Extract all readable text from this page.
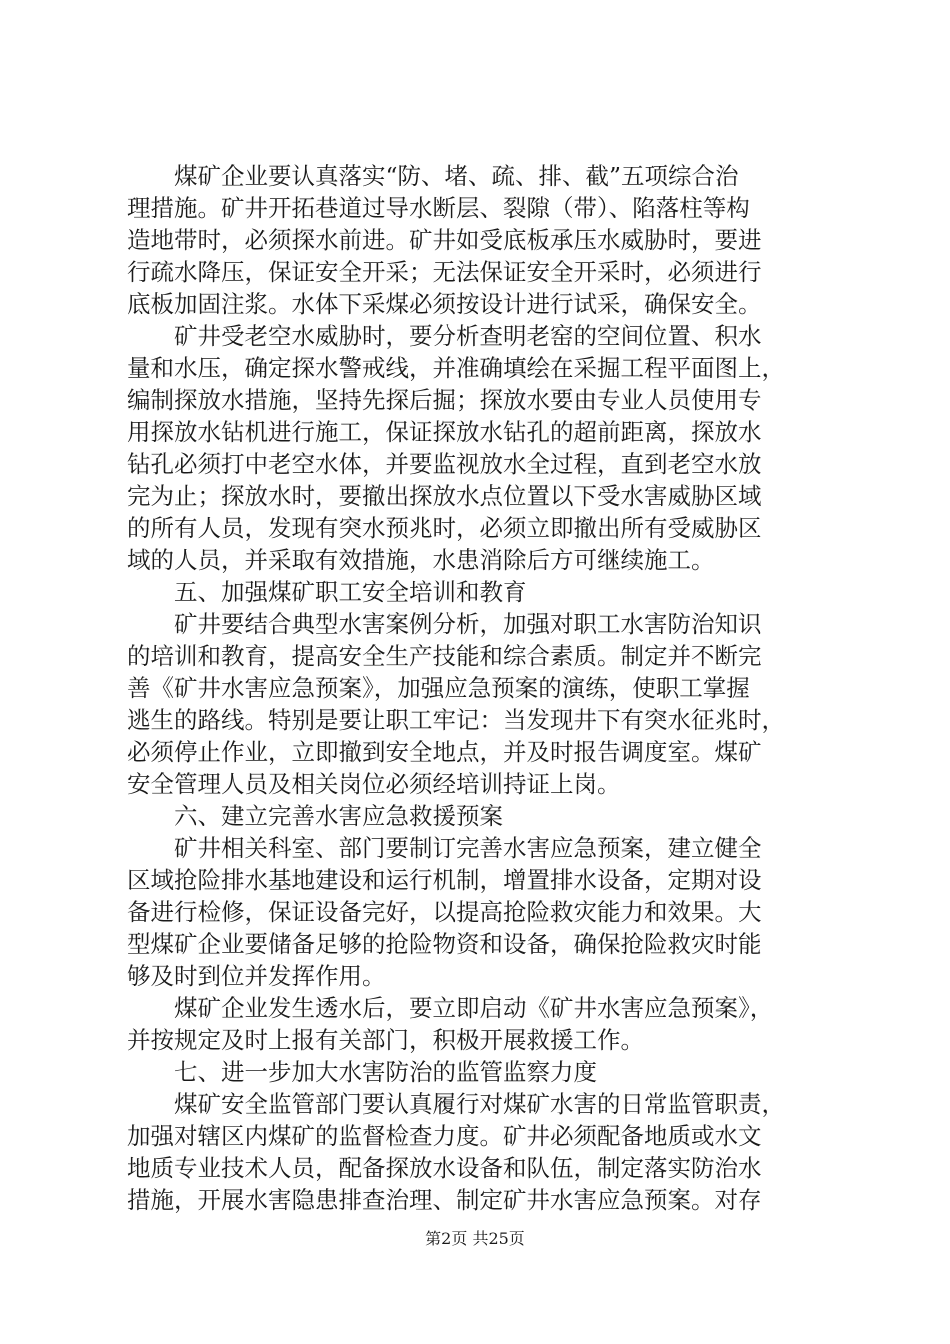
煤矿企业要认真落实“防、堵、疏、排、截”五项综合治
理措施。矿井开拓巷道过导水断层、裂隙（带）、陷落柱等构
造地带时，必须探水前进。矿井如受底板承压水威胁时，要进
行疏水降压，保证安全开采；无法保证安全开采时，必须进行
底板加固注浆。水体下采煤必须按设计进行试采，确保安全。
矿井受老空水威胁时，要分析查明老窑的空间位置、积水
量和水压，确定探水警戒线，并准确填绘在采掘工程平面图上，
编制探放水措施，坚持先探后掘；探放水要由专业人员使用专
用探放水钻机进行施工，保证探放水钻孔的超前距离，探放水
钻孔必须打中老空水体，并要监视放水全过程，直到老空水放
完为止；探放水时，要撤出探放水点位置以下受水害威胁区域
的所有人员，发现有突水预兆时，必须立即撤出所有受威胁区
域的人员，并采取有效措施，水患消除后方可继续施工。
五、加强煤矿职工安全培训和教育
矿井要结合典型水害案例分析，加强对职工水害防治知识
的培训和教育，提高安全生产技能和综合素质。制定并不断完
善《矿井水害应急预案》，加强应急预案的演练，使职工掌握
逃生的路线。特别是要让职工牢记：当发现井下有突水征兆时，
必须停止作业，立即撤到安全地点，并及时报告调度室。煤矿
安全管理人员及相关岗位必须经培训持证上岗。
六、建立完善水害应急救援预案
矿井相关科室、部门要制订完善水害应急预案，建立健全
区域抢险排水基地建设和运行机制，增置排水设备，定期对设
备进行检修，保证设备完好，以提高抢险救灾能力和效果。大
型煤矿企业要储备足够的抢险物资和设备，确保抢险救灾时能
够及时到位并发挥作用。
煤矿企业发生透水后，要立即启动《矿井水害应急预案》，
并按规定及时上报有关部门，积极开展救援工作。
七、进一步加大水害防治的监管监察力度
煤矿安全监管部门要认真履行对煤矿水害的日常监管职责，
加强对辖区内煤矿的监督检查力度。矿井必须配备地质或水文
地质专业技术人员，配备探放水设备和队伍，制定落实防治水
措施，开展水害隐患排查治理、制定矿井水害应急预案。对存
第2页 共25页
